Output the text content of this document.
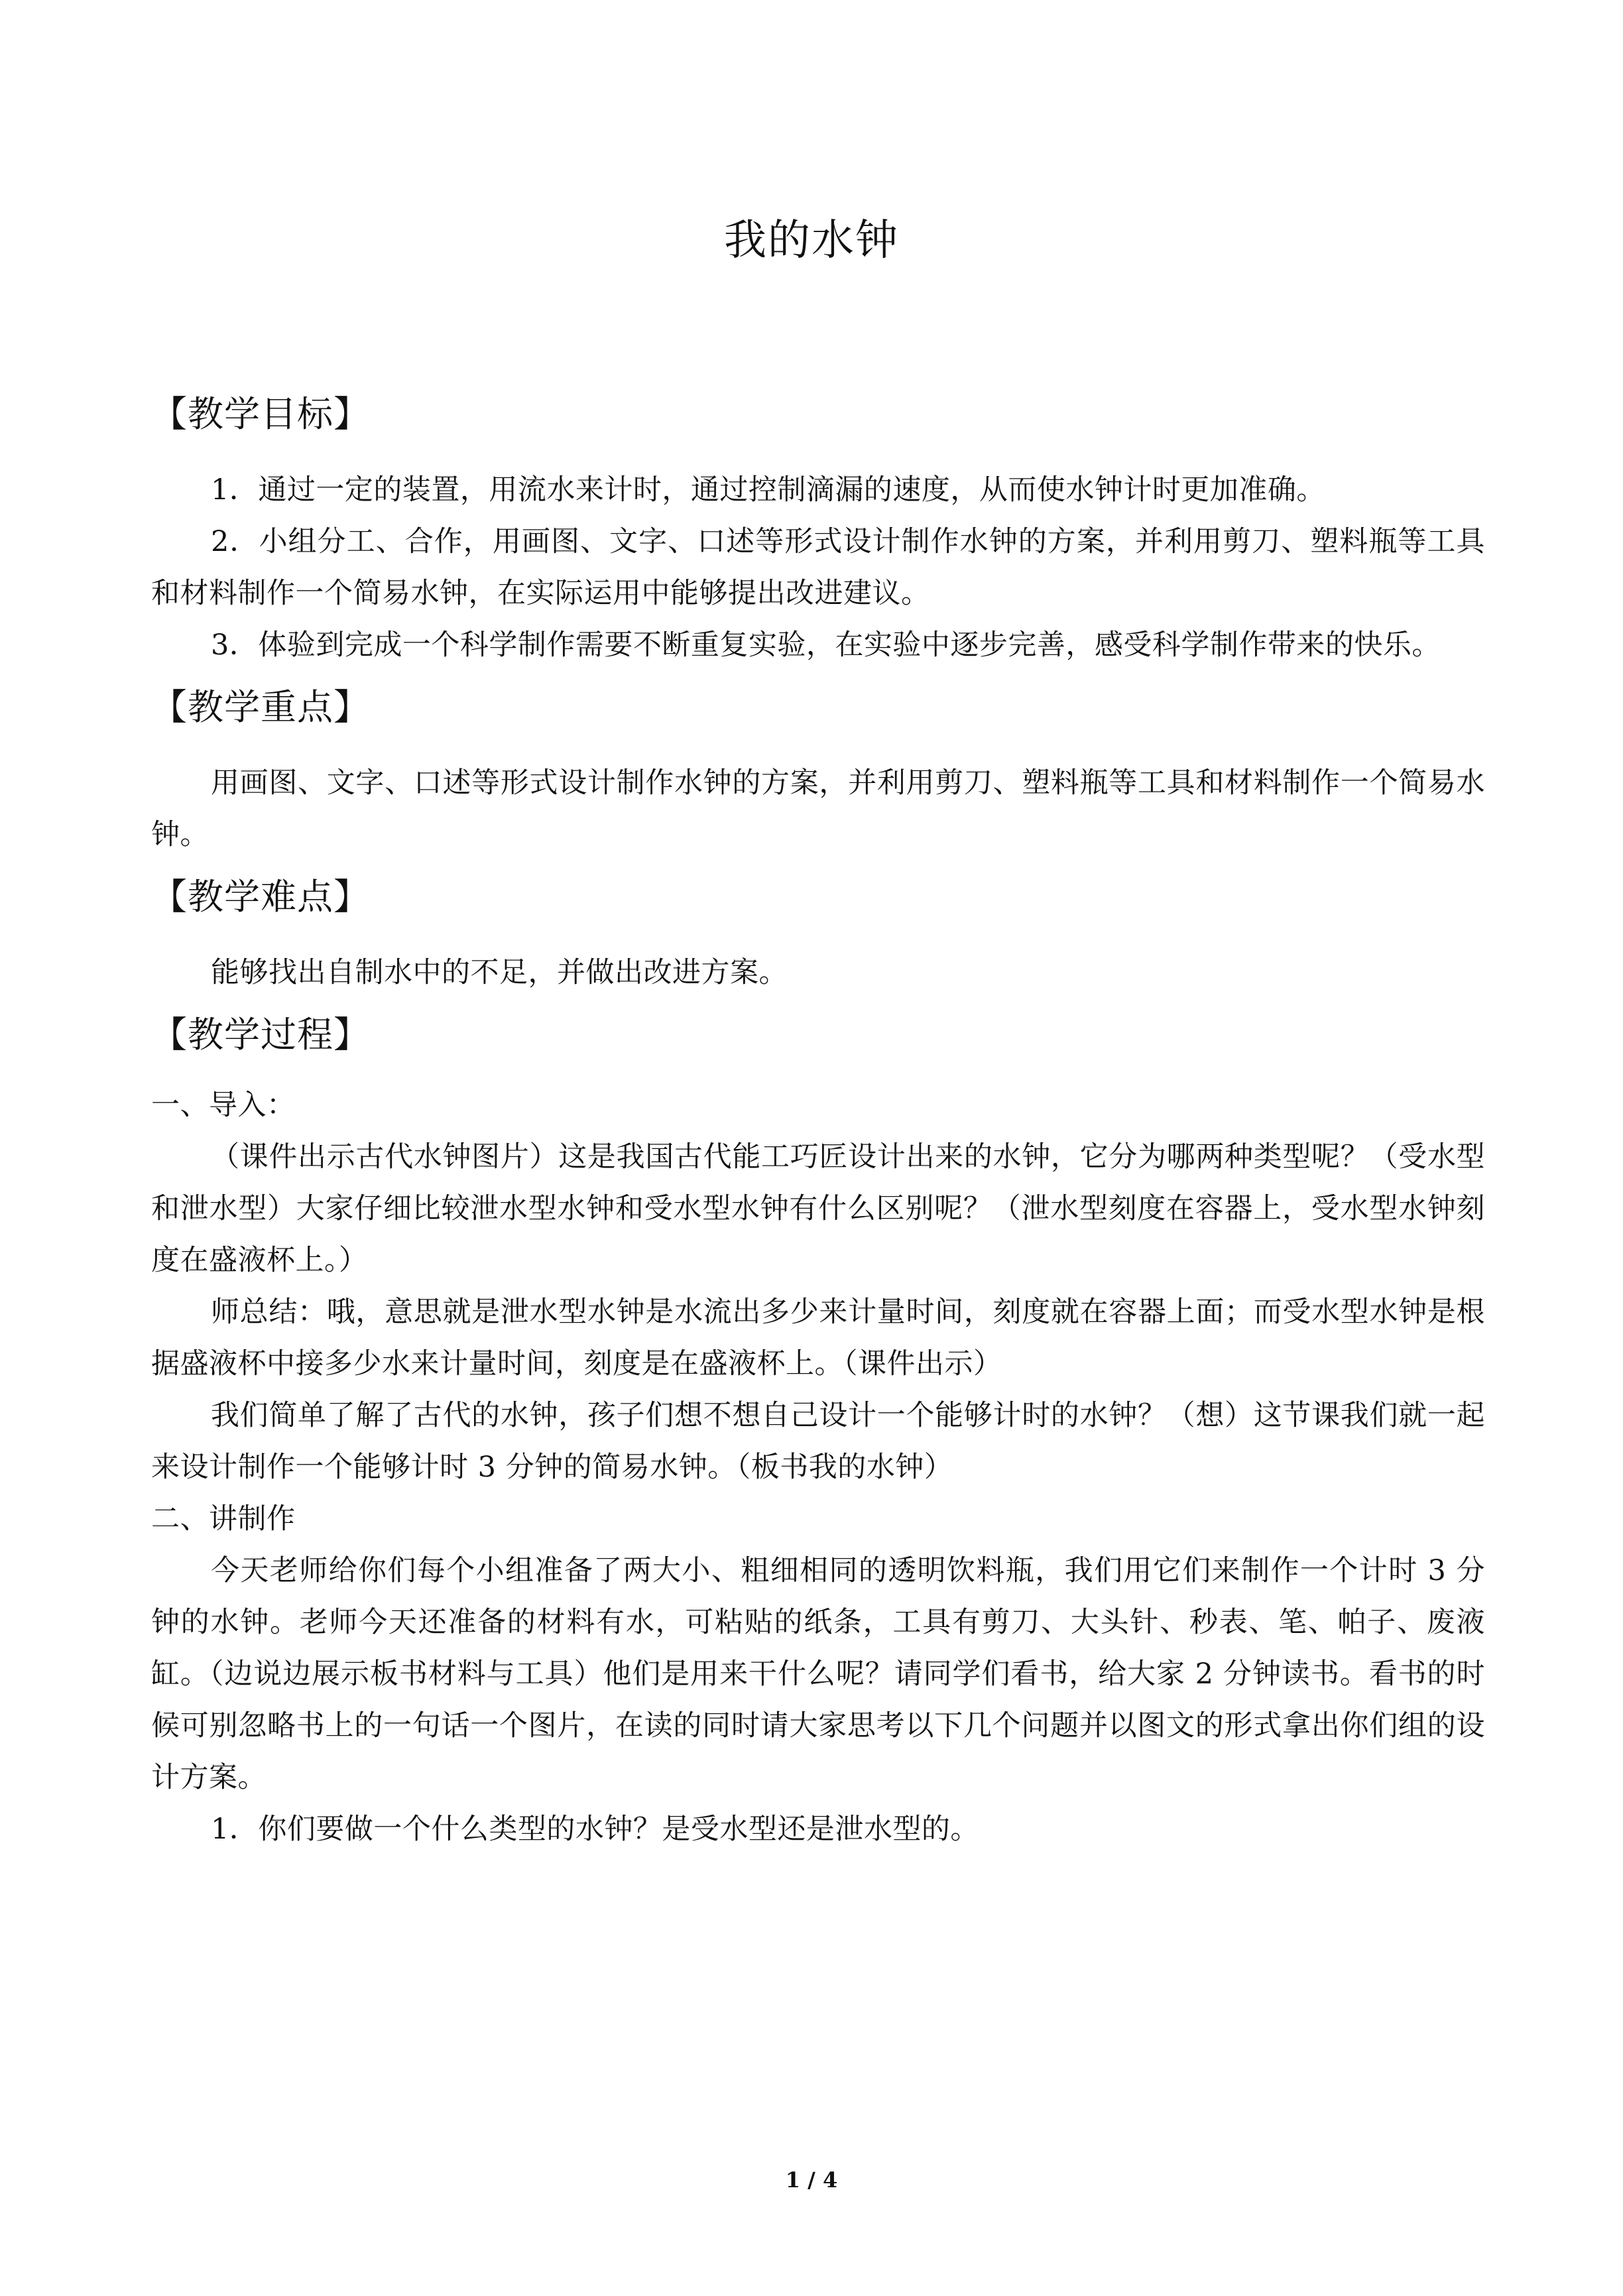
我的水钟
【教学目标】

1．通过一定的装置，用流水来计时，通过控制滴漏的速度，从而使水钟计时更加准确。

2．小组分工、合作，用画图、文字、口述等形式设计制作水钟的方案，并利用剪刀、塑料瓶等工具和材料制作一个简易水钟，在实际运用中能够提出改进建议。

3．体验到完成一个科学制作需要不断重复实验，在实验中逐步完善，感受科学制作带来的快乐。

【教学重点】

用画图、文字、口述等形式设计制作水钟的方案，并利用剪刀、塑料瓶等工具和材料制作一个简易水钟。

【教学难点】

能够找出自制水中的不足，并做出改进方案。

【教学过程】

一、导入：

（课件出示古代水钟图片）这是我国古代能工巧匠设计出来的水钟，它分为哪两种类型呢？（受水型和泄水型）大家仔细比较泄水型水钟和受水型水钟有什么区别呢？（泄水型刻度在容器上，受水型水钟刻度在盛液杯上。）

师总结：哦，意思就是泄水型水钟是水流出多少来计量时间，刻度就在容器上面；而受水型水钟是根据盛液杯中接多少水来计量时间，刻度是在盛液杯上。（课件出示）

我们简单了解了古代的水钟，孩子们想不想自己设计一个能够计时的水钟？（想）这节课我们就一起来设计制作一个能够计时 3 分钟的简易水钟。（板书我的水钟）

二、讲制作

今天老师给你们每个小组准备了两大小、粗细相同的透明饮料瓶，我们用它们来制作一个计时 3 分钟的水钟。老师今天还准备的材料有水，可粘贴的纸条，工具有剪刀、大头针、秒表、笔、帕子、废液缸。（边说边展示板书材料与工具）他们是用来干什么呢？请同学们看书，给大家 2 分钟读书。看书的时候可别忽略书上的一句话一个图片，在读的同时请大家思考以下几个问题并以图文的形式拿出你们组的设计方案。

1．你们要做一个什么类型的水钟？是受水型还是泄水型的。

1 / 4
